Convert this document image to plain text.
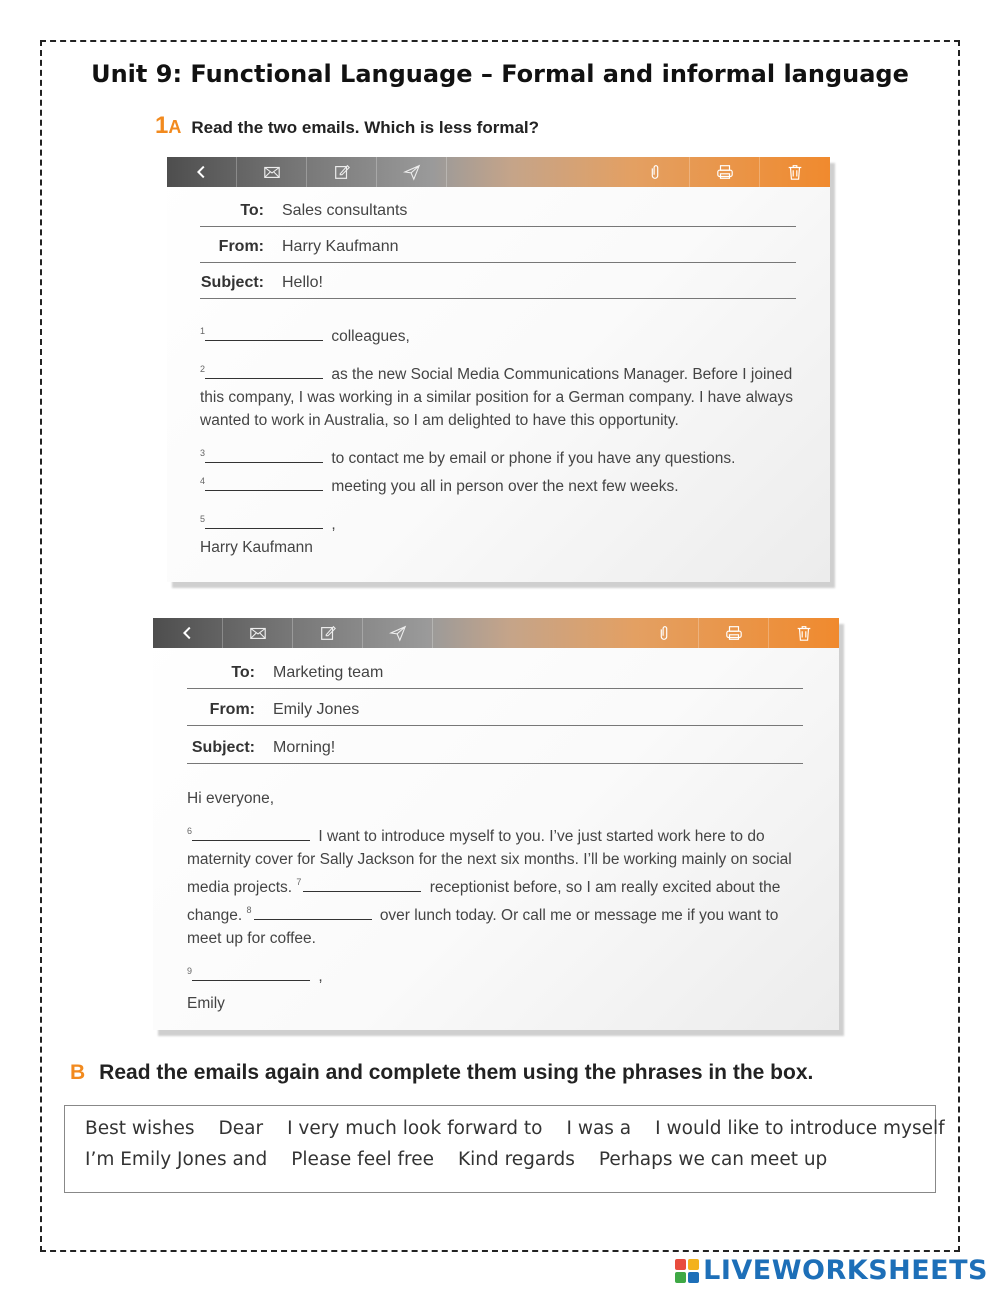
Unit 9: Functional Language – Formal and informal language
1A Read the two emails. Which is less formal?
To:	Sales consultants
From:	Harry Kaufmann
Subject:	Hello!

$^1$	colleagues,

$^2$	as the new Social Media Communications Manager. Before I joined this company, I was working in a similar position for a German company. I have always wanted to work in Australia, so I am delighted to have this opportunity.

$^3$	to contact me by email or phone if you have any questions.

$^4$	meeting you all in person over the next few weeks.

$^5$	,

Harry Kaufmann

To:	Marketing team
From:	Emily Jones
Subject:	Morning!

Hi everyone,

$^6$	I want to introduce myself to you. I’ve just started work here to do maternity cover for Sally Jackson for the next six months. I’ll be working mainly on social media projects. $^7$	receptionist before, so I am really excited about the change. $^8$	over lunch today. Or call me or message me if you want to meet up for coffee.

$^9$	,

Emily

B Read the emails again and complete them using the phrases in the box.
Best wishes Dear I very much look forward to I was a I would like to introduce myself
I’m Emily Jones and Please feel free Kind regards Perhaps we can meet up
LIVEWORKSHEETS
